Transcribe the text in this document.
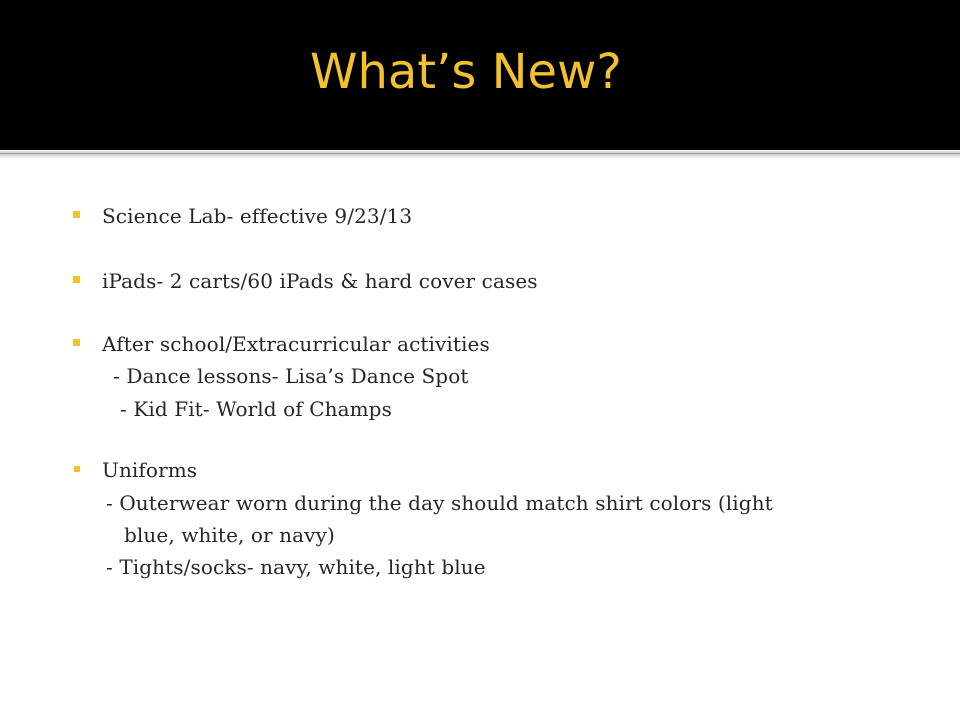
What’s New?
Science Lab- effective 9/23/13
iPads- 2 carts/60 iPads & hard cover cases
After school/Extracurricular activities
- Dance lessons- Lisa’s Dance Spot
- Kid Fit- World of Champs
Uniforms
- Outerwear worn during the day should match shirt colors (light
blue, white, or navy)
- Tights/socks- navy, white, light blue
